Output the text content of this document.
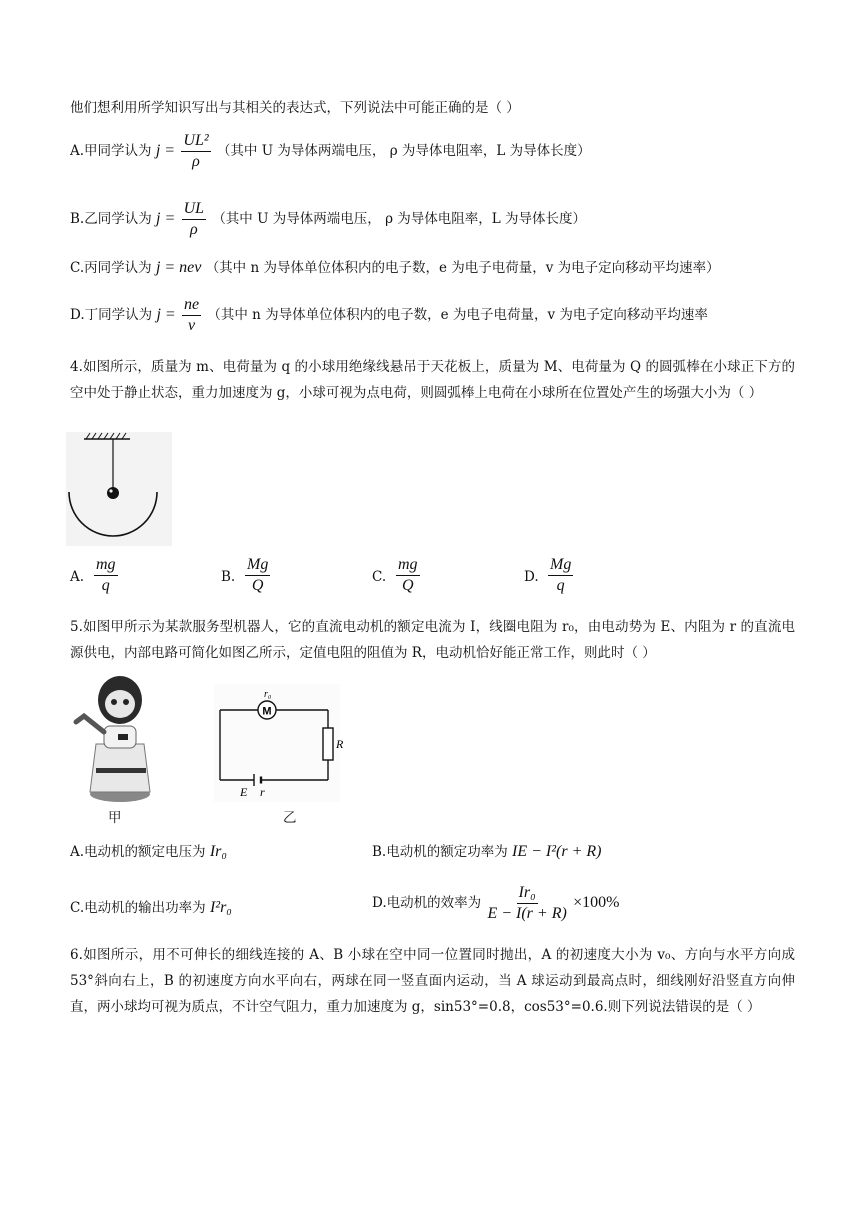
他们想利用所学知识写出与其相关的表达式，下列说法中可能正确的是（ ）
A.甲同学认为 $j = \frac{\text{UL²}}{\rho}$ （其中 U 为导体两端电压， ρ 为导体电阻率，L 为导体长度）
B.乙同学认为 $j = \frac{UL}{\rho}$ （其中 U 为导体两端电压， ρ 为导体电阻率，L 为导体长度）
C.丙同学认为 j = nev （其中 n 为导体单位体积内的电子数，e 为电子电荷量，v 为电子定向移动平均速率）
D.丁同学认为 $j = \frac{ne}{v}$ （其中 n 为导体单位体积内的电子数，e 为电子电荷量，v 为电子定向移动平均速率
4.如图所示，质量为 m、电荷量为 q 的小球用绝缘线悬吊于天花板上，质量为 M、电荷量为 Q 的圆弧棒在小球正下方的空中处于静止状态，重力加速度为 g，小球可视为点电荷，则圆弧棒上电荷在小球所在位置处产生的场强大小为（ ）
A. $\frac{mg}{q}$	B. $\frac{Mg}{Q}$	C. $\frac{mg}{Q}$	D. $\frac{Mg}{q}$
5.如图甲所示为某款服务型机器人，它的直流电动机的额定电流为 I，线圈电阻为 r₀，由电动势为 E、内阻为 r 的直流电源供电，内部电路可简化如图乙所示，定值电阻的阻值为 R，电动机恰好能正常工作，则此时（ ）
甲
M
r₀
R
E r
乙
A.电动机的额定电压为 Ir₀	B.电动机的额定功率为 IE − I²(r + R)
C.电动机的输出功率为 I²r₀	D.电动机的效率为 $\frac{\text{Ir₀}}{E - I(r + R)} \times 100\%$
6.如图所示，用不可伸长的细线连接的 A、B 小球在空中同一位置同时抛出，A 的初速度大小为 v₀、方向与水平方向成 53°斜向右上，B 的初速度方向水平向右，两球在同一竖直面内运动，当 A 球运动到最高点时，细线刚好沿竖直方向伸直，两小球均可视为质点，不计空气阻力，重力加速度为 g，sin53°=0.8，cos53°=0.6.则下列说法错误的是（ ）
